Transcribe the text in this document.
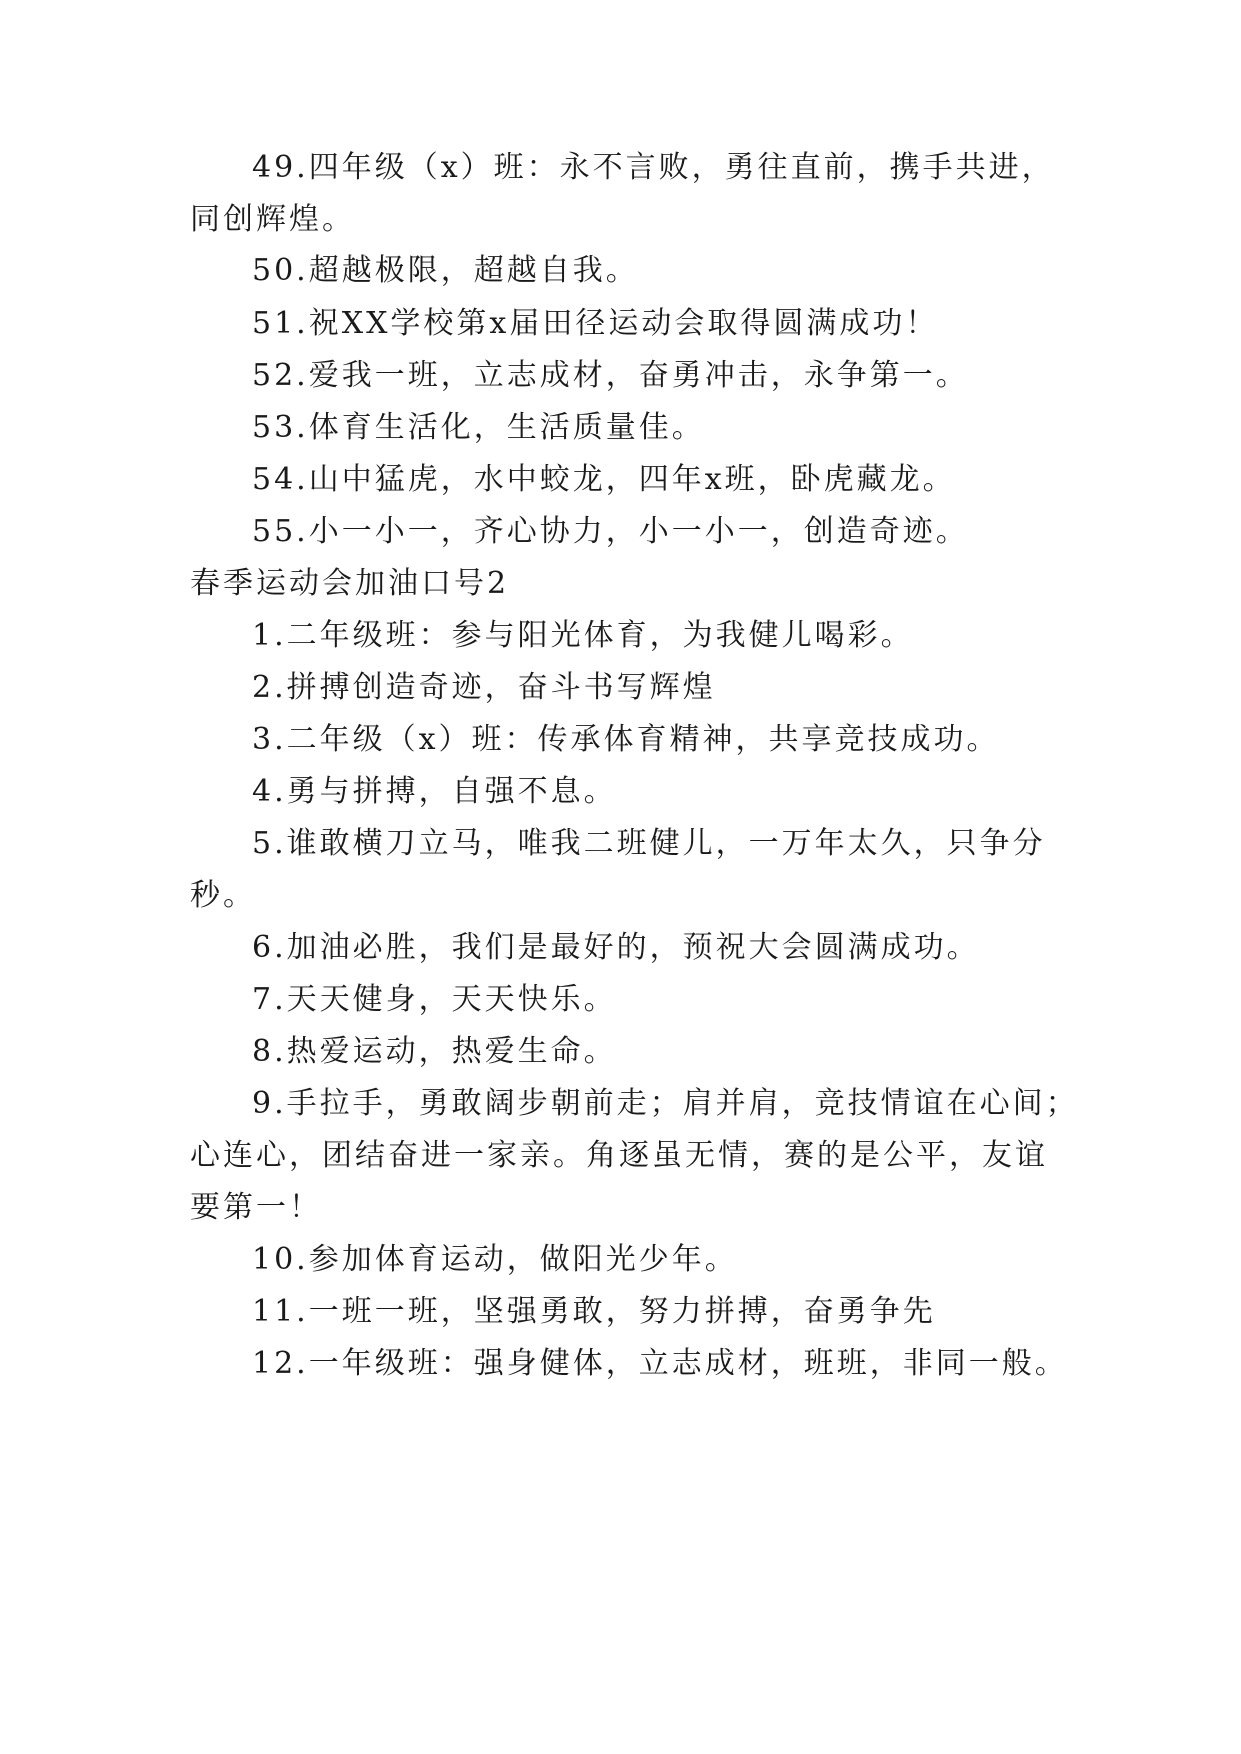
49.四年级（x）班：永不言败，勇往直前，携手共进，

同创辉煌。

50.超越极限，超越自我。

51.祝XX学校第x届田径运动会取得圆满成功！

52.爱我一班，立志成材，奋勇冲击，永争第一。

53.体育生活化，生活质量佳。

54.山中猛虎，水中蛟龙，四年x班，卧虎藏龙。

55.小一小一，齐心协力，小一小一，创造奇迹。

春季运动会加油口号2

1.二年级班：参与阳光体育，为我健儿喝彩。

2.拼搏创造奇迹，奋斗书写辉煌

3.二年级（x）班：传承体育精神，共享竞技成功。

4.勇与拼搏，自强不息。

5.谁敢横刀立马，唯我二班健儿，一万年太久，只争分

秒。

6.加油必胜，我们是最好的，预祝大会圆满成功。

7.天天健身，天天快乐。

8.热爱运动，热爱生命。

9.手拉手，勇敢阔步朝前走；肩并肩，竞技情谊在心间；

心连心，团结奋进一家亲。角逐虽无情，赛的是公平，友谊

要第一！

10.参加体育运动，做阳光少年。

11.一班一班，坚强勇敢，努力拼搏，奋勇争先

12.一年级班：强身健体，立志成材，班班，非同一般。
